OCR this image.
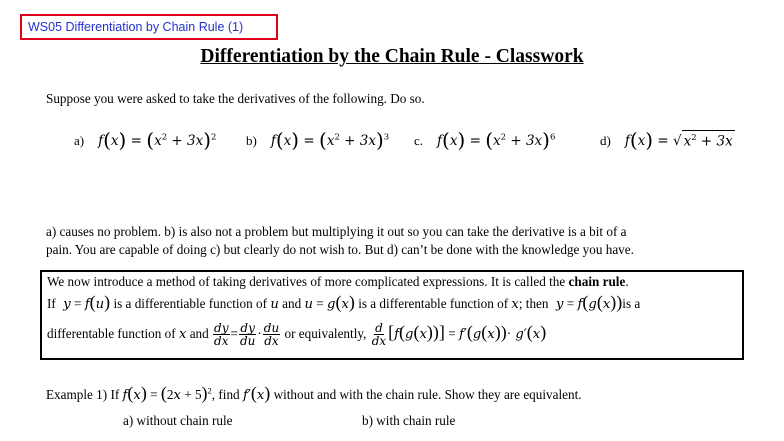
WS05 Differentiation by Chain Rule (1)
Differentiation by the Chain Rule - Classwork
Suppose you were asked to take the derivatives of the following. Do so.
a) $f(x) = (x^2 + 3x)^2$ b) $f(x) = (x^2 + 3x)^3$ c. $f(x) = (x^2 + 3x)^6$	d) f(x) = √ $x^2 + 3x$
a) causes no problem. b) is also not a problem but multiplying it out so you can take the derivative is a bit of a
pain. You are capable of doing c) but clearly do not wish to. But d) can’t be done with the knowledge you have.
We now introduce a method of taking derivatives of more complicated expressions. It is called the chain rule.
If  y = f(u) is a differentiable function of u and u = g(x) is a differentable function of x; then  y = f(g(x))is a
differentable function of x and $\frac{dy}{dx} = \frac{dy}{du} \cdot \frac{du}{dx}$ or equivalently, $\frac{d}{dx} [f(g(x))] = f'(g(x))\cdot g'(x)$
Example 1) If $f(x) = (2x + 5)^2$, find f′(x) without and with the chain rule. Show they are equivalent.
a) without chain rule	b) with chain rule
